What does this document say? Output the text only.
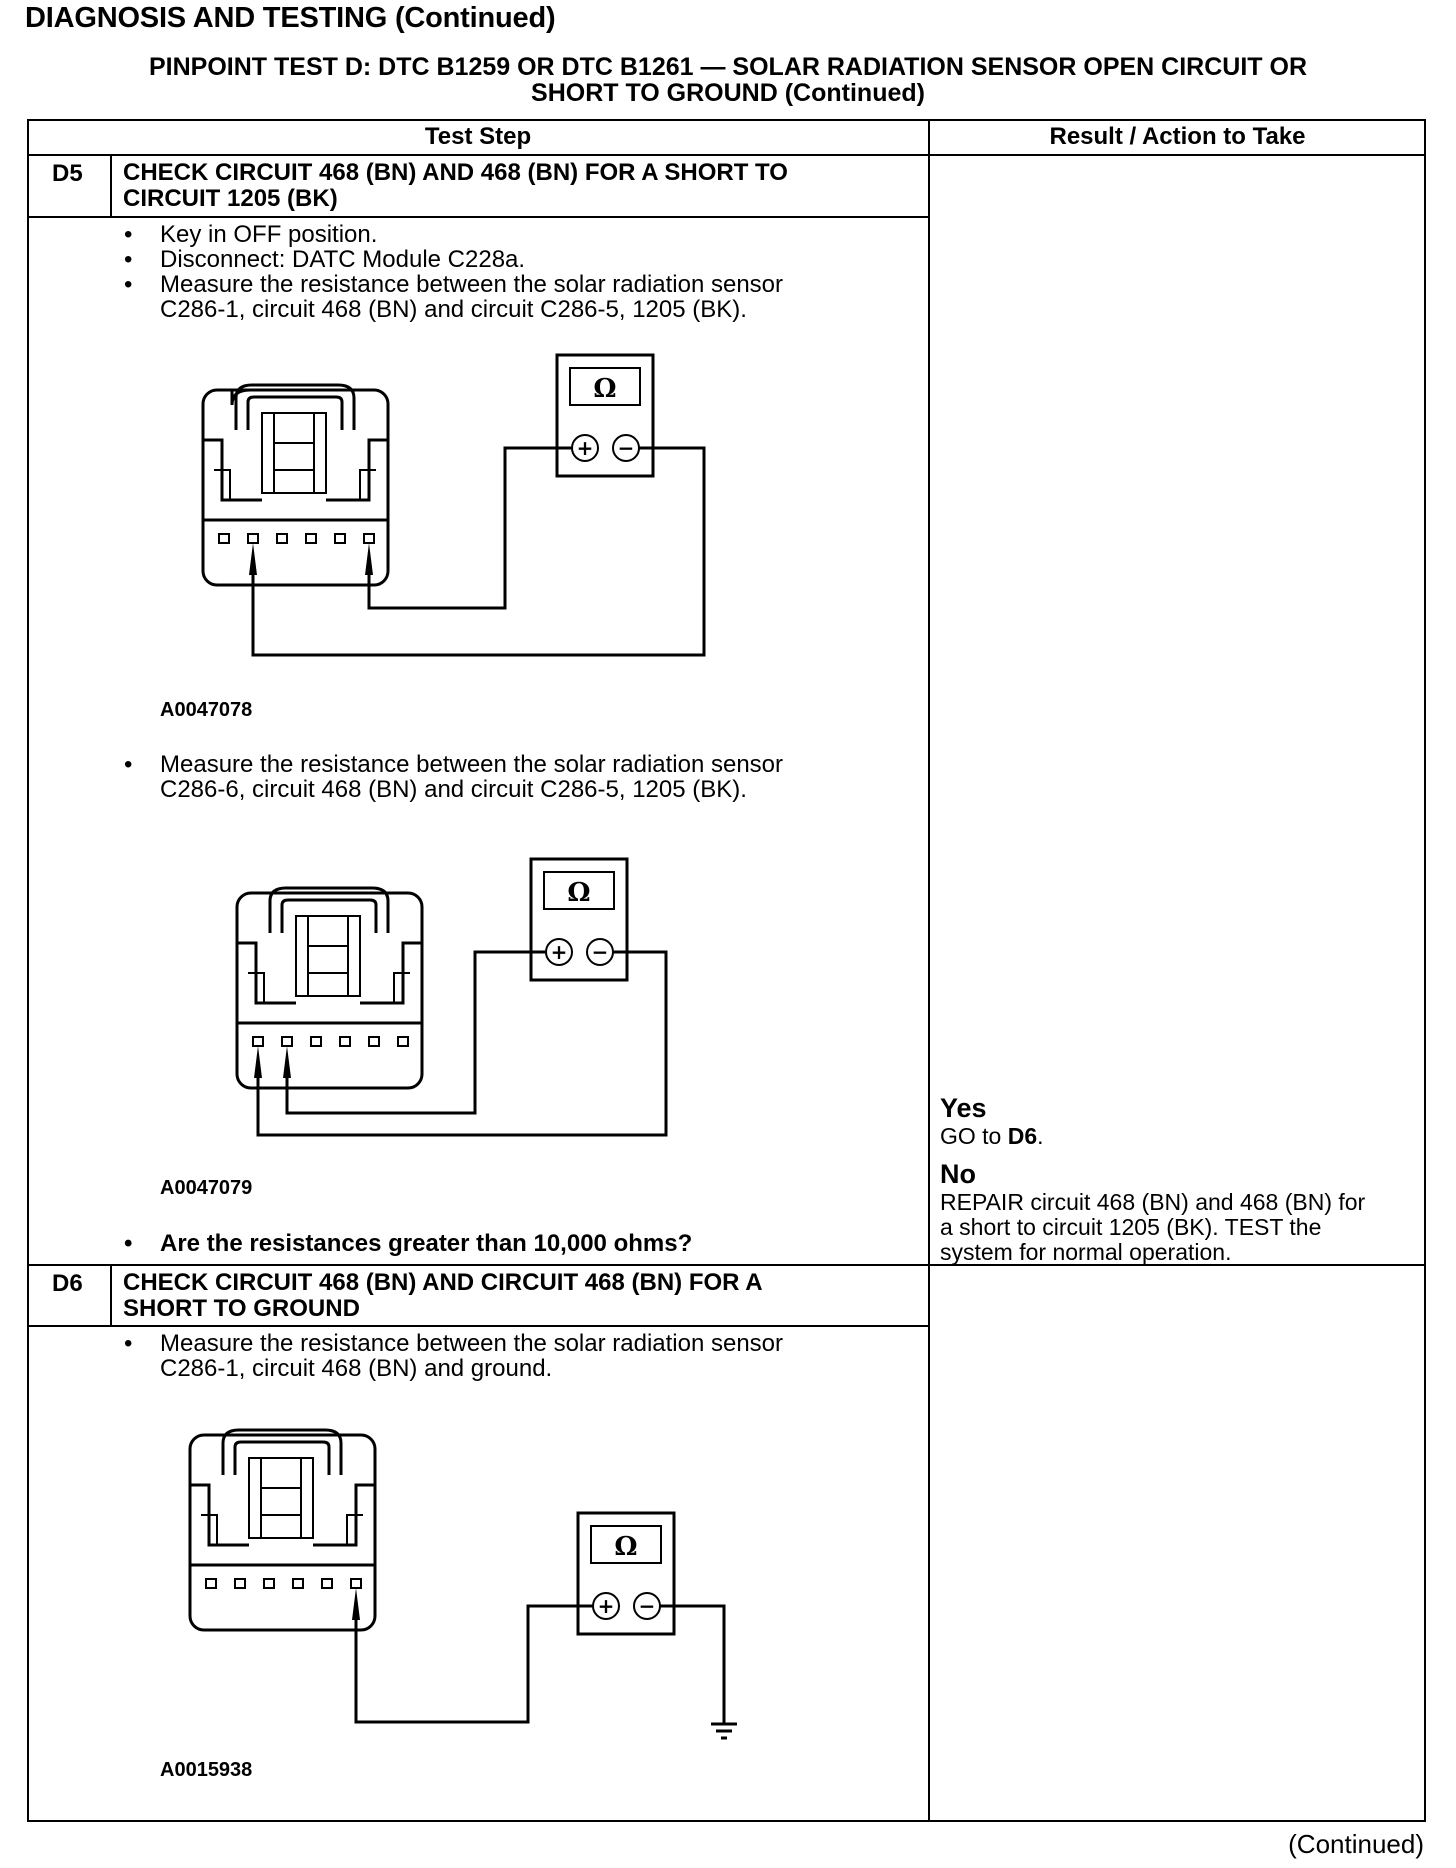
DIAGNOSIS AND TESTING (Continued)
PINPOINT TEST D: DTC B1259 OR DTC B1261 — SOLAR RADIATION SENSOR OPEN CIRCUIT OR
SHORT TO GROUND (Continued)
Test Step	Result / Action to Take
D5 CHECK CIRCUIT 468 (BN) AND 468 (BN) FOR A SHORT TO
CIRCUIT 1205 (BK)
• Key in OFF position.
• Disconnect: DATC Module C228a.
• Measure the resistance between the solar radiation sensor
C286-1, circuit 468 (BN) and circuit C286-5, 1205 (BK).
Ω
+ −
A0047078
• Measure the resistance between the solar radiation sensor
C286-6, circuit 468 (BN) and circuit C286-5, 1205 (BK).
Ω
+ −
A0047079
• Are the resistances greater than 10,000 ohms?
Yes
GO to D6.
No
REPAIR circuit 468 (BN) and 468 (BN) for
a short to circuit 1205 (BK). TEST the
system for normal operation.
D6 CHECK CIRCUIT 468 (BN) AND CIRCUIT 468 (BN) FOR A
SHORT TO GROUND
• Measure the resistance between the solar radiation sensor
C286-1, circuit 468 (BN) and ground.
Ω
+ −
A0015938
(Continued)
